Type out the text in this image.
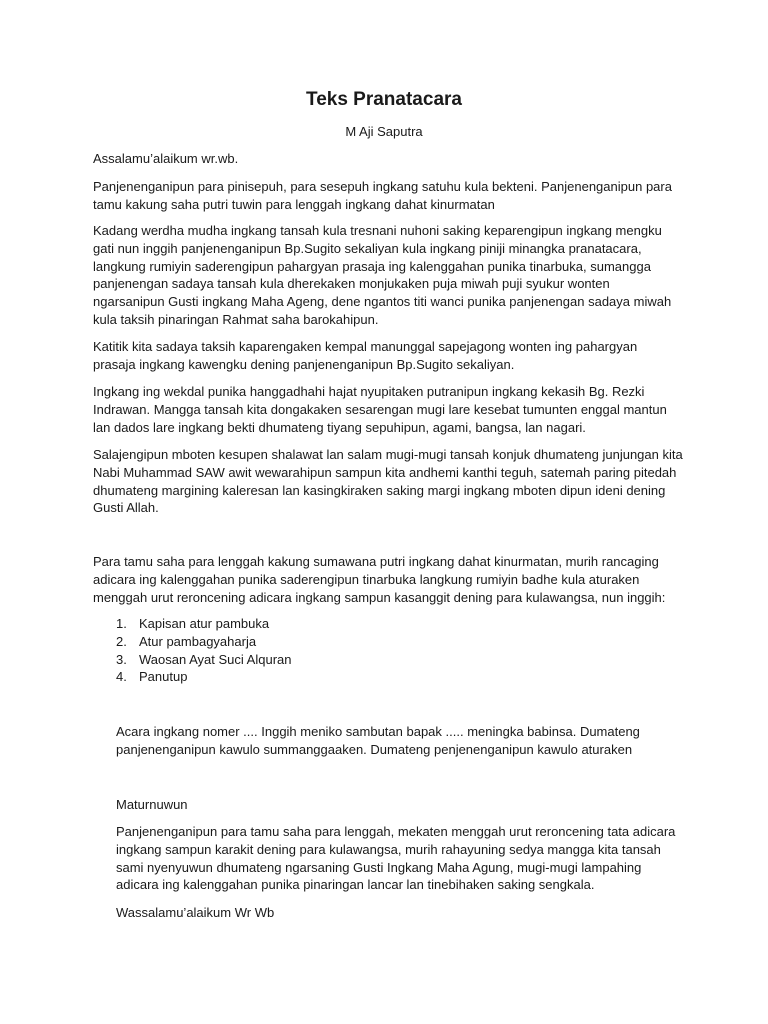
Teks Pranatacara
M Aji Saputra

Assalamu’alaikum wr.wb.

Panjenenganipun para pinisepuh, para sesepuh ingkang satuhu kula bekteni. Panjenenganipun para tamu kakung saha putri tuwin para lenggah ingkang dahat kinurmatan

Kadang werdha mudha ingkang tansah kula tresnani nuhoni saking keparengipun ingkang mengku gati nun inggih panjenenganipun Bp.Sugito sekaliyan kula ingkang piniji minangka pranatacara, langkung rumiyin saderengipun pahargyan prasaja ing kalenggahan punika tinarbuka, sumangga panjenengan sadaya tansah kula dherekaken monjukaken puja miwah puji syukur wonten ngarsanipun Gusti ingkang Maha Ageng, dene ngantos titi wanci punika panjenengan sadaya miwah kula taksih pinaringan Rahmat saha barokahipun.

Katitik kita sadaya taksih kaparengaken kempal manunggal sapejagong wonten ing pahargyan prasaja ingkang kawengku dening panjenenganipun Bp.Sugito sekaliyan.

Ingkang ing wekdal punika hanggadhahi hajat nyupitaken putranipun ingkang kekasih Bg. Rezki Indrawan. Mangga tansah kita dongakaken sesarengan mugi lare kesebat tumunten enggal mantun lan dados lare ingkang bekti dhumateng tiyang sepuhipun, agami, bangsa, lan nagari.

Salajengipun mboten kesupen shalawat lan salam mugi-mugi tansah konjuk dhumateng junjungan kita Nabi Muhammad SAW awit wewarahipun sampun kita andhemi kanthi teguh, satemah paring pitedah dhumateng margining kaleresan lan kasingkiraken saking margi ingkang mboten dipun ideni dening Gusti Allah.

Para tamu saha para lenggah kakung sumawana putri ingkang dahat kinurmatan, murih rancaging adicara ing kalenggahan punika saderengipun tinarbuka langkung rumiyin badhe kula aturaken menggah urut reroncening adicara ingkang sampun kasanggit dening para kulawangsa, nun inggih:

1. Kapisan atur pambuka
2. Atur pambagyaharja
3. Waosan Ayat Suci Alquran
4. Panutup

Acara ingkang nomer .... Inggih meniko sambutan bapak ..... meningka babinsa. Dumateng panjenenganipun kawulo summanggaaken. Dumateng penjenenganipun kawulo aturaken

Maturnuwun

Panjenenganipun para tamu saha para lenggah, mekaten menggah urut reroncening tata adicara ingkang sampun karakit dening para kulawangsa, murih rahayuning sedya mangga kita tansah sami nyenyuwun dhumateng ngarsaning Gusti Ingkang Maha Agung, mugi-mugi lampahing adicara ing kalenggahan punika pinaringan lancar lan tinebihaken saking sengkala.

Wassalamu’alaikum Wr Wb
